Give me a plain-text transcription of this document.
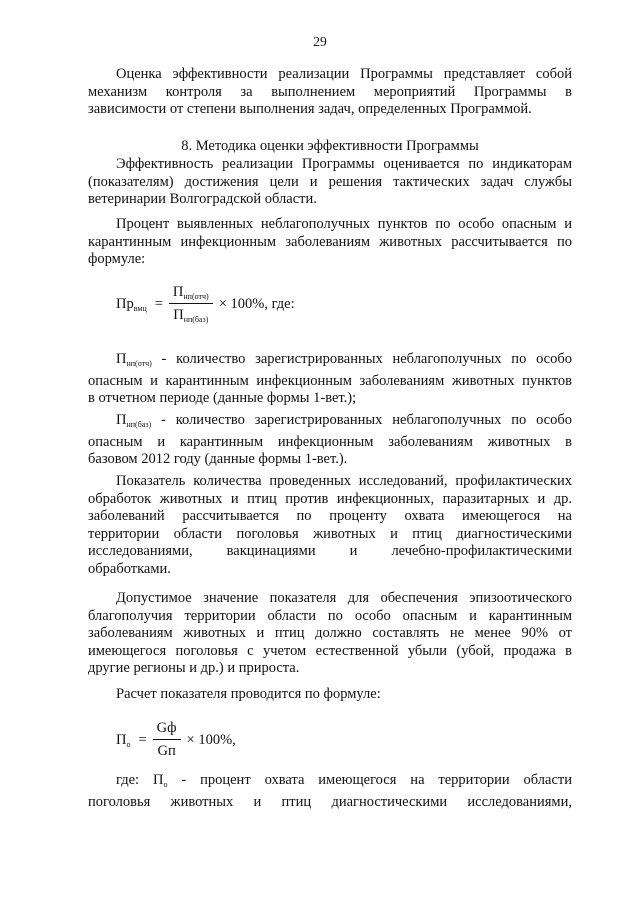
29
Оценка эффективности реализации Программы представляет собой
механизм контроля за выполнением мероприятий Программы в
зависимости от степени выполнения задач, определенных Программой.
8. Методика оценки эффективности Программы
Эффективность реализации Программы оценивается по индикаторам
(показателям) достижения цели и решения тактических задач службы
ветеринарии Волгоградской области.
Процент выявленных неблагополучных пунктов по особо опасным и
карантинным инфекционным заболеваниям животных рассчитывается по
формуле:
$Пр_{вмц} = \frac{П_{нп(отч)}}{П_{нп(баз)}} \times 100\%$, где:
$П_{нп(отч)}$ - количество зарегистрированных неблагополучных по особо
опасным и карантинным инфекционным заболеваниям животных пунктов
в отчетном периоде (данные формы 1-вет.);
$П_{нп(баз)}$ - количество зарегистрированных неблагополучных по особо
опасным и карантинным инфекционным заболеваниям животных в
базовом 2012 году (данные формы 1-вет.).
Показатель количества проведенных исследований, профилактических
обработок животных и птиц против инфекционных, паразитарных и др.
заболеваний рассчитывается по проценту охвата имеющегося на
территории области поголовья животных и птиц диагностическими
исследованиями, вакцинациями и лечебно-профилактическими
обработками.
Допустимое значение показателя для обеспечения эпизоотического
благополучия территории области по особо опасным и карантинным
заболеваниям животных и птиц должно составлять не менее 90% от
имеющегося поголовья с учетом естественной убыли (убой, продажа в
другие регионы и др.) и прироста.
Расчет показателя проводится по формуле:
$П_о = \frac{Gф}{Gп} \times 100\%$,
где: $П_о$ - процент охвата имеющегося на территории области
поголовья животных и птиц диагностическими исследованиями,
